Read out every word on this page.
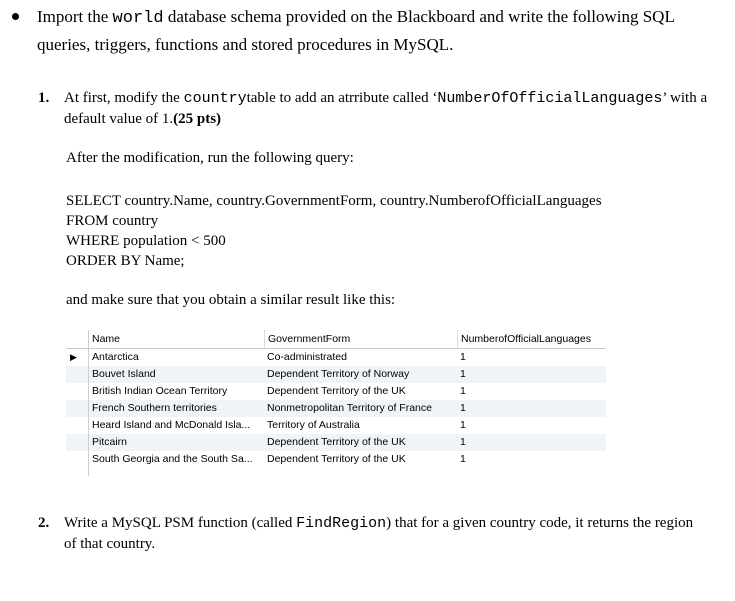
Import the world database schema provided on the Blackboard and write the following SQL queries, triggers, functions and stored procedures in MySQL.
1. At first, modify the countrytable to add an atrribute called ‘NumberOfOfficialLanguages’ with a default value of 1.(25 pts)
After the modification, run the following query:
SELECT country.Name, country.GovernmentForm, country.NumberofOfficialLanguages
FROM country
WHERE population < 500
ORDER BY Name;
and make sure that you obtain a similar result like this:
Name	GovernmentForm	NumberofOfficialLanguages
▶	Antarctica	Co-administrated	1
Bouvet Island	Dependent Territory of Norway	1
British Indian Ocean Territory	Dependent Territory of the UK	1
French Southern territories	Nonmetropolitan Territory of France	1
Heard Island and McDonald Isla...	Territory of Australia	1
Pitcairn	Dependent Territory of the UK	1
South Georgia and the South Sa...	Dependent Territory of the UK	1
2. Write a MySQL PSM function (called FindRegion) that for a given country code, it returns the region of that country.
